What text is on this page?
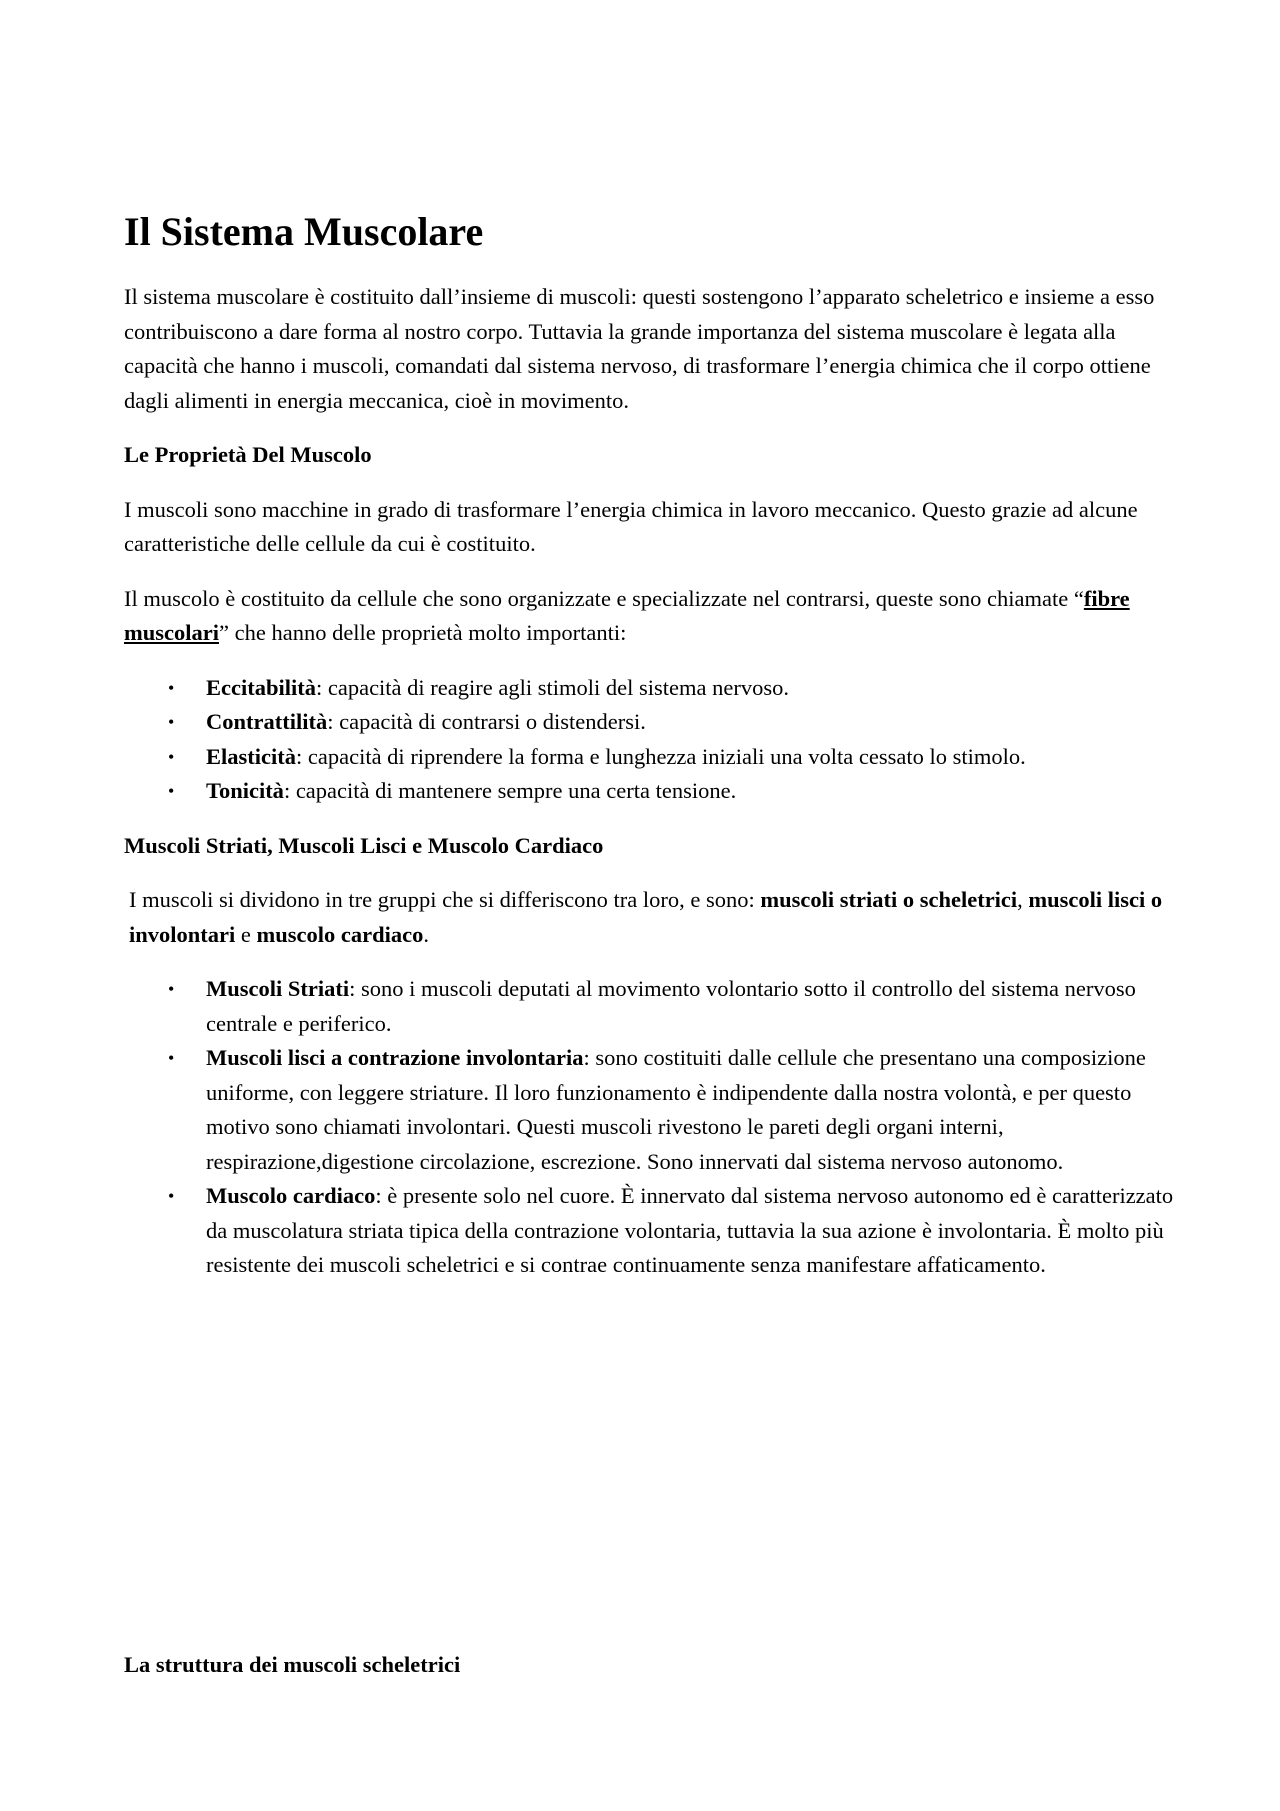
Il Sistema Muscolare

Il sistema muscolare è costituito dall’insieme di muscoli: questi sostengono l’apparato scheletrico e insieme a esso contribuiscono a dare forma al nostro corpo. Tuttavia la grande importanza del sistema muscolare è legata alla capacità che hanno i muscoli, comandati dal sistema nervoso, di trasformare l’energia chimica che il corpo ottiene dagli alimenti in energia meccanica, cioè in movimento.

Le Proprietà Del Muscolo

I muscoli sono macchine in grado di trasformare l’energia chimica in lavoro meccanico. Questo grazie ad alcune caratteristiche delle cellule da cui è costituito.

Il muscolo è costituito da cellule che sono organizzate e specializzate nel contrarsi, queste sono chiamate “fibre muscolari” che hanno delle proprietà molto importanti:

• Eccitabilità: capacità di reagire agli stimoli del sistema nervoso.
• Contrattilità: capacità di contrarsi o distendersi.
• Elasticità: capacità di riprendere la forma e lunghezza iniziali una volta cessato lo stimolo.
• Tonicità: capacità di mantenere sempre una certa tensione.

Muscoli Striati, Muscoli Lisci e Muscolo Cardiaco

I muscoli si dividono in tre gruppi che si differiscono tra loro, e sono: muscoli striati o scheletrici, muscoli lisci o involontari e muscolo cardiaco.

• Muscoli Striati: sono i muscoli deputati al movimento volontario sotto il controllo del sistema nervoso centrale e periferico.
• Muscoli lisci a contrazione involontaria: sono costituiti dalle cellule che presentano una composizione uniforme, con leggere striature. Il loro funzionamento è indipendente dalla nostra volontà, e per questo motivo sono chiamati involontari. Questi muscoli rivestono le pareti degli organi interni, respirazione,digestione circolazione, escrezione. Sono innervati dal sistema nervoso autonomo.
• Muscolo cardiaco: è presente solo nel cuore. È innervato dal sistema nervoso autonomo ed è caratterizzato da muscolatura striata tipica della contrazione volontaria, tuttavia la sua azione è involontaria. È molto più resistente dei muscoli scheletrici e si contrae continuamente senza manifestare affaticamento.
La struttura dei muscoli scheletrici
